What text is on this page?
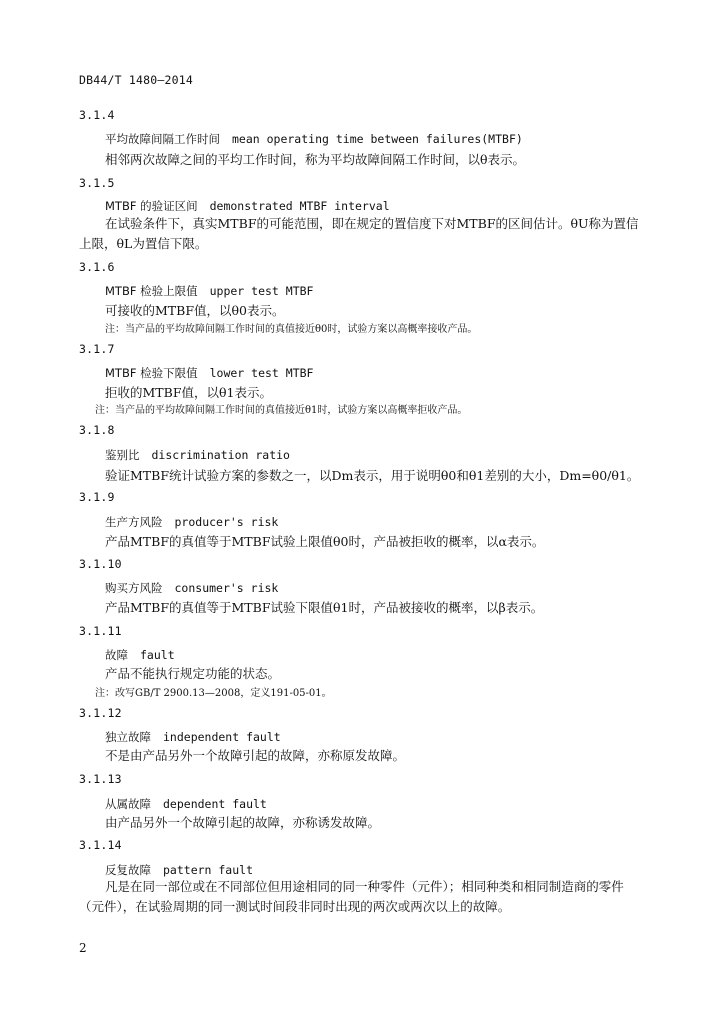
DB44/T 1480—2014
3.1.4
平均故障间隔工作时间 mean operating time between failures(MTBF)
相邻两次故障之间的平均工作时间，称为平均故障间隔工作时间，以θ表示。
3.1.5
MTBF 的验证区间 demonstrated MTBF interval
在试验条件下，真实MTBF的可能范围，即在规定的置信度下对MTBF的区间估计。θU称为置信上限，θL为置信下限。
3.1.6
MTBF 检验上限值 upper test MTBF
可接收的MTBF值，以θ0表示。
注：当产品的平均故障间隔工作时间的真值接近θ0时，试验方案以高概率接收产品。
3.1.7
MTBF 检验下限值 lower test MTBF
拒收的MTBF值，以θ1表示。
注：当产品的平均故障间隔工作时间的真值接近θ1时，试验方案以高概率拒收产品。
3.1.8
鉴别比 discrimination ratio
验证MTBF统计试验方案的参数之一，以Dm表示，用于说明θ0和θ1差别的大小，Dm=θ0/θ1。
3.1.9
生产方风险 producer's risk
产品MTBF的真值等于MTBF试验上限值θ0时，产品被拒收的概率，以α表示。
3.1.10
购买方风险 consumer's risk
产品MTBF的真值等于MTBF试验下限值θ1时，产品被接收的概率，以β表示。
3.1.11
故障 fault
产品不能执行规定功能的状态。
注：改写GB/T 2900.13—2008，定义191-05-01。
3.1.12
独立故障 independent fault
不是由产品另外一个故障引起的故障，亦称原发故障。
3.1.13
从属故障 dependent fault
由产品另外一个故障引起的故障，亦称诱发故障。
3.1.14
反复故障 pattern fault
凡是在同一部位或在不同部位但用途相同的同一种零件（元件）；相同种类和相同制造商的零件（元件），在试验周期的同一测试时间段非同时出现的两次或两次以上的故障。
2
